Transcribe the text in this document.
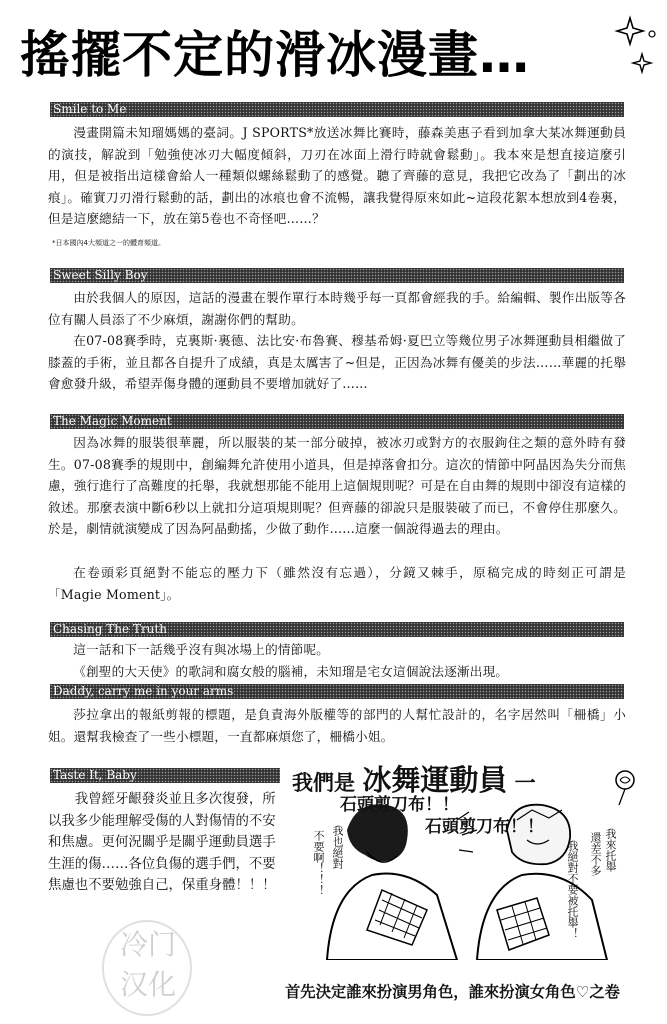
搖擺不定的滑冰漫畫…
Smile to Me

漫畫開篇未知瑠媽媽的臺詞。J SPORTS*放送冰舞比賽時，藤森美惠子看到加拿大某冰舞運動員的演技，解說到「勉強使冰刃大幅度傾斜，刀刃在冰面上滑行時就會鬆動」。我本來是想直接這麼引用，但是被指出這樣會給人一種類似螺絲鬆動了的感覺。聽了齊藤的意見，我把它改為了「劃出的冰痕」。確實刀刃滑行鬆動的話，劃出的冰痕也會不流暢，讓我覺得原來如此~這段花絮本想放到4卷裏，但是這麼總結一下，放在第5卷也不奇怪吧……？

*日本國內4大頻道之一的體育頻道。
Sweet Silly Boy

由於我個人的原因，這話的漫畫在製作單行本時幾乎每一頁都會經我的手。給編輯、製作出版等各位有關人員添了不少麻煩，謝謝你們的幫助。

在07-08賽季時，克裏斯·裏德、法比安·布魯賽、穆基希姆·夏巴立等幾位男子冰舞運動員相繼做了膝蓋的手術，並且都各自提升了成績，真是太厲害了~但是，正因為冰舞有優美的步法……華麗的托舉會愈發升級，希望弄傷身體的運動員不要增加就好了……

The Magic Moment

因為冰舞的服裝很華麗，所以服裝的某一部分破掉，被冰刃或對方的衣服鉤住之類的意外時有發生。07-08賽季的規則中，創編舞允許使用小道具，但是掉落會扣分。這次的情節中阿晶因為失分而焦慮，強行進行了高難度的托舉，我就想那能不能用上這個規則呢？可是在自由舞的規則中卻沒有這樣的敘述。那麼表演中斷6秒以上就扣分這項規則呢？但齊藤的卻說只是服裝破了而已，不會停住那麼久。於是，劇情就演變成了因為阿晶動搖，少做了動作……這麼一個說得過去的理由。

在卷頭彩頁絕對不能忘的壓力下（雖然沒有忘過），分鏡又棘手，原稿完成的時刻正可謂是「Magie Moment」。

Chasing The Truth

這一話和下一話幾乎沒有與冰場上的情節呢。

《創聖的大天使》的歌詞和腐女般的腦補，未知瑠是宅女這個說法逐漸出現。

Daddy, carry me in your arms

莎拉拿出的報紙剪報的標題，是負責海外版權等的部門的人幫忙設計的，名字居然叫「柵橋」小姐。還幫我檢查了一些小標題，一直都麻煩您了，柵橋小姐。

Taste It, Baby

我曾經牙齦發炎並且多次復發，所以我多少能理解受傷的人對傷情的不安和焦慮。更何況關乎是關乎運動員選手生涯的傷……各位負傷的選手們，不要焦慮也不要勉強自己，保重身體！！！

冷门
汉化
我們是 冰舞運動員 一
石頭剪刀布！！
石頭剪刀布！！
不要啊！！！ 我也絕對	我來托舉
還差不多
我絕對不要被托舉！
首先決定誰來扮演男角色，誰來扮演女角色♡之卷
